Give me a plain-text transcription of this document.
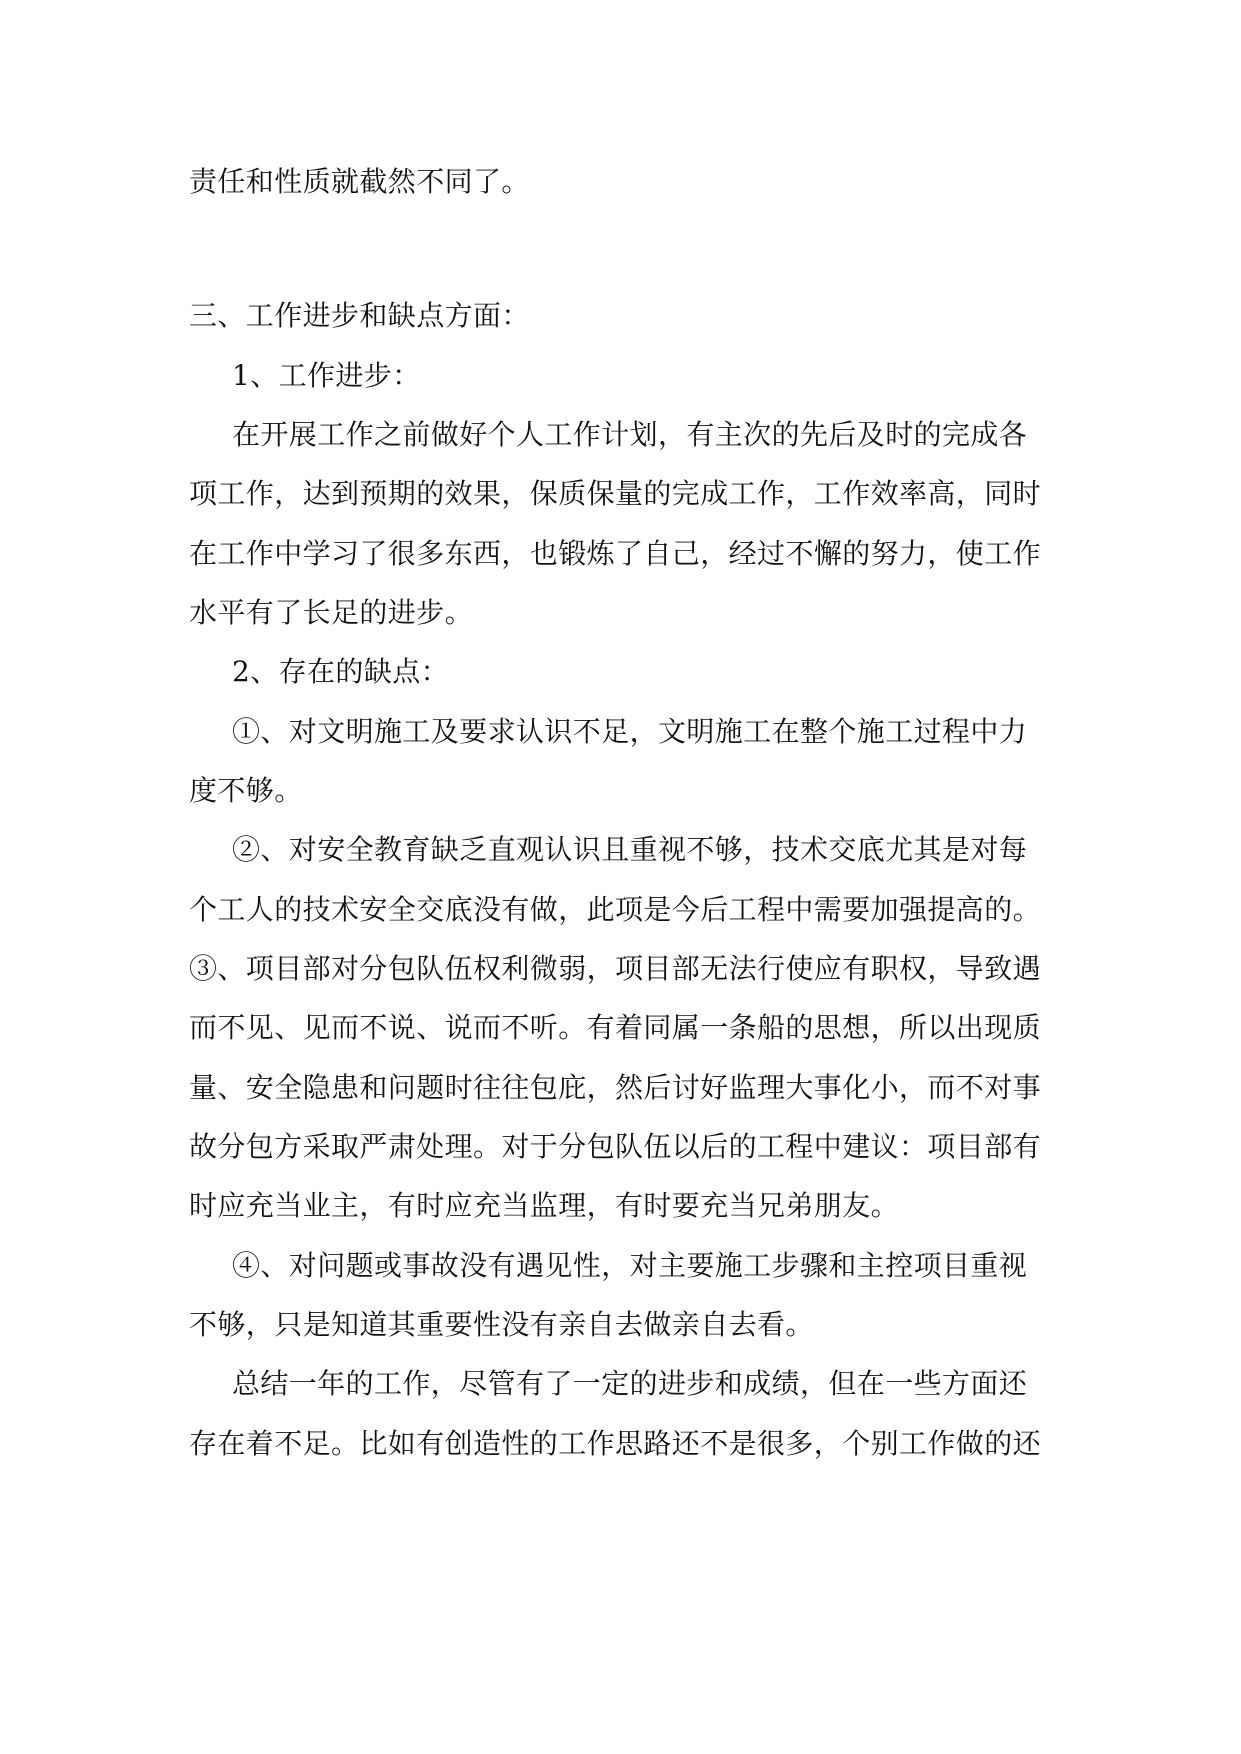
责任和性质就截然不同了。
三、工作进步和缺点方面：
1、工作进步：
在开展工作之前做好个人工作计划，有主次的先后及时的完成各
项工作，达到预期的效果，保质保量的完成工作，工作效率高，同时
在工作中学习了很多东西，也锻炼了自己，经过不懈的努力，使工作
水平有了长足的进步。
2、存在的缺点：
①、对文明施工及要求认识不足，文明施工在整个施工过程中力
度不够。
②、对安全教育缺乏直观认识且重视不够，技术交底尤其是对每
个工人的技术安全交底没有做，此项是今后工程中需要加强提高的。
③、项目部对分包队伍权利微弱，项目部无法行使应有职权，导致遇
而不见、见而不说、说而不听。有着同属一条船的思想，所以出现质
量、安全隐患和问题时往往包庇，然后讨好监理大事化小，而不对事
故分包方采取严肃处理。对于分包队伍以后的工程中建议：项目部有
时应充当业主，有时应充当监理，有时要充当兄弟朋友。
④、对问题或事故没有遇见性，对主要施工步骤和主控项目重视
不够，只是知道其重要性没有亲自去做亲自去看。
总结一年的工作，尽管有了一定的进步和成绩，但在一些方面还
存在着不足。比如有创造性的工作思路还不是很多，个别工作做的还
